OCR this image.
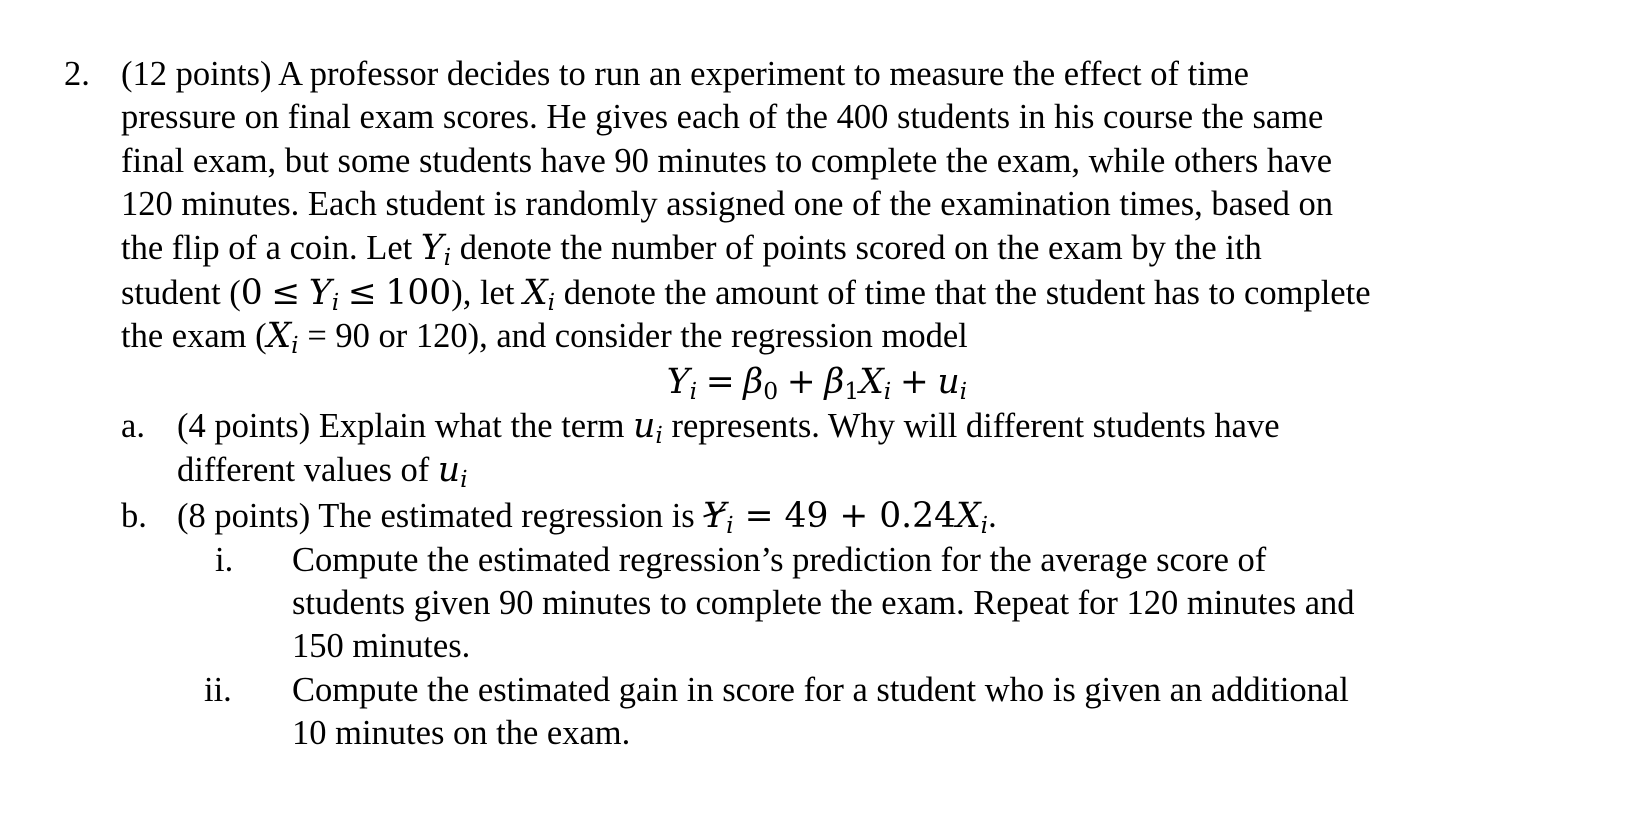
2. (12 points) A professor decides to run an experiment to measure the effect of time
pressure on final exam scores. He gives each of the 400 students in his course the same
final exam, but some students have 90 minutes to complete the exam, while others have
120 minutes. Each student is randomly assigned one of the examination times, based on
the flip of a coin. Let $Y_i$ denote the number of points scored on the exam by the ith
student $(0 \le Y_i \le 100)$, let $X_i$ denote the amount of time that the student has to complete
the exam ($X_i = 90$ or 120), and consider the regression model
$Y_i = \beta_0 + \beta_1X_i + u_i$
a. (4 points) Explain what the term $u_i$ represents. Why will different students have
different values of $u_i$
b. (8 points) The estimated regression is Y
$_i = 49 + 0.24X_i$.
i. Compute the estimated regression’s prediction for the average score of
students given 90 minutes to complete the exam. Repeat for 120 minutes and
150 minutes.
ii. Compute the estimated gain in score for a student who is given an additional
10 minutes on the exam.
